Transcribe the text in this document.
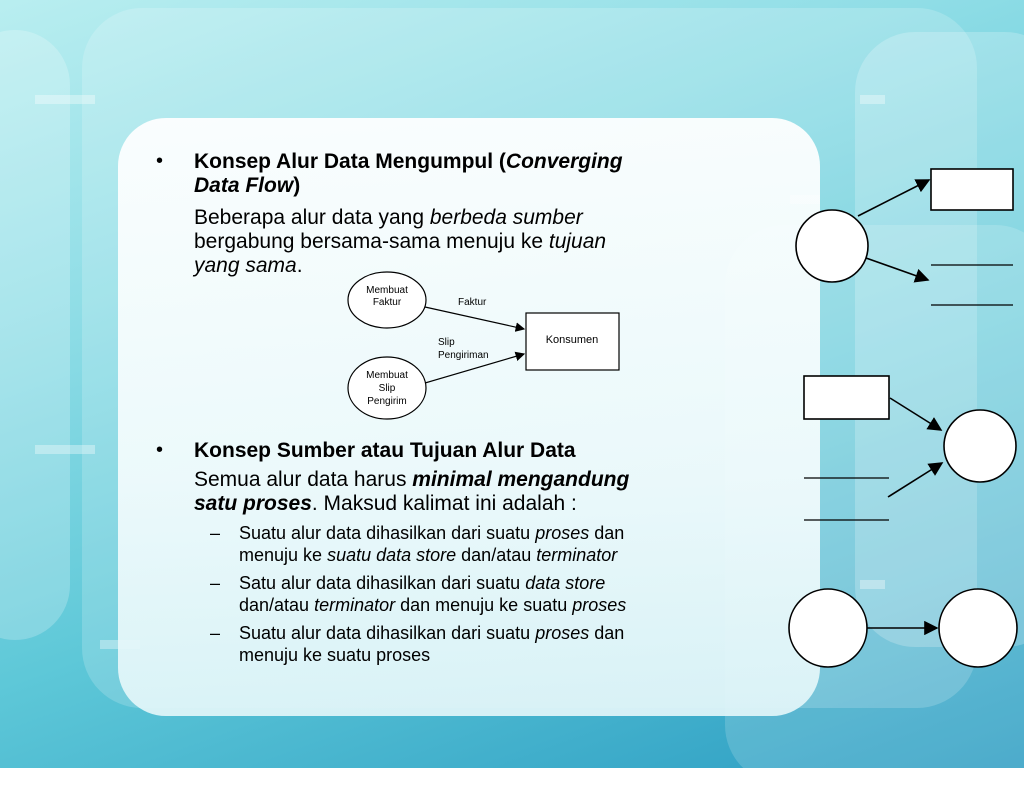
• Konsep Alur Data Mengumpul (Converging
Data Flow)
Beberapa alur data yang berbeda sumber
bergabung bersama-sama menuju ke tujuan
yang sama.
Membuat
Faktur
Membuat
Slip
Pengirim
Konsumen
Faktur
Slip
Pengiriman
• Konsep Sumber atau Tujuan Alur Data
Semua alur data harus minimal mengandung
satu proses. Maksud kalimat ini adalah :
– Suatu alur data dihasilkan dari suatu proses dan
menuju ke suatu data store dan/atau terminator
– Satu alur data dihasilkan dari suatu data store
dan/atau terminator dan menuju ke suatu proses
– Suatu alur data dihasilkan dari suatu proses dan
menuju ke suatu proses
